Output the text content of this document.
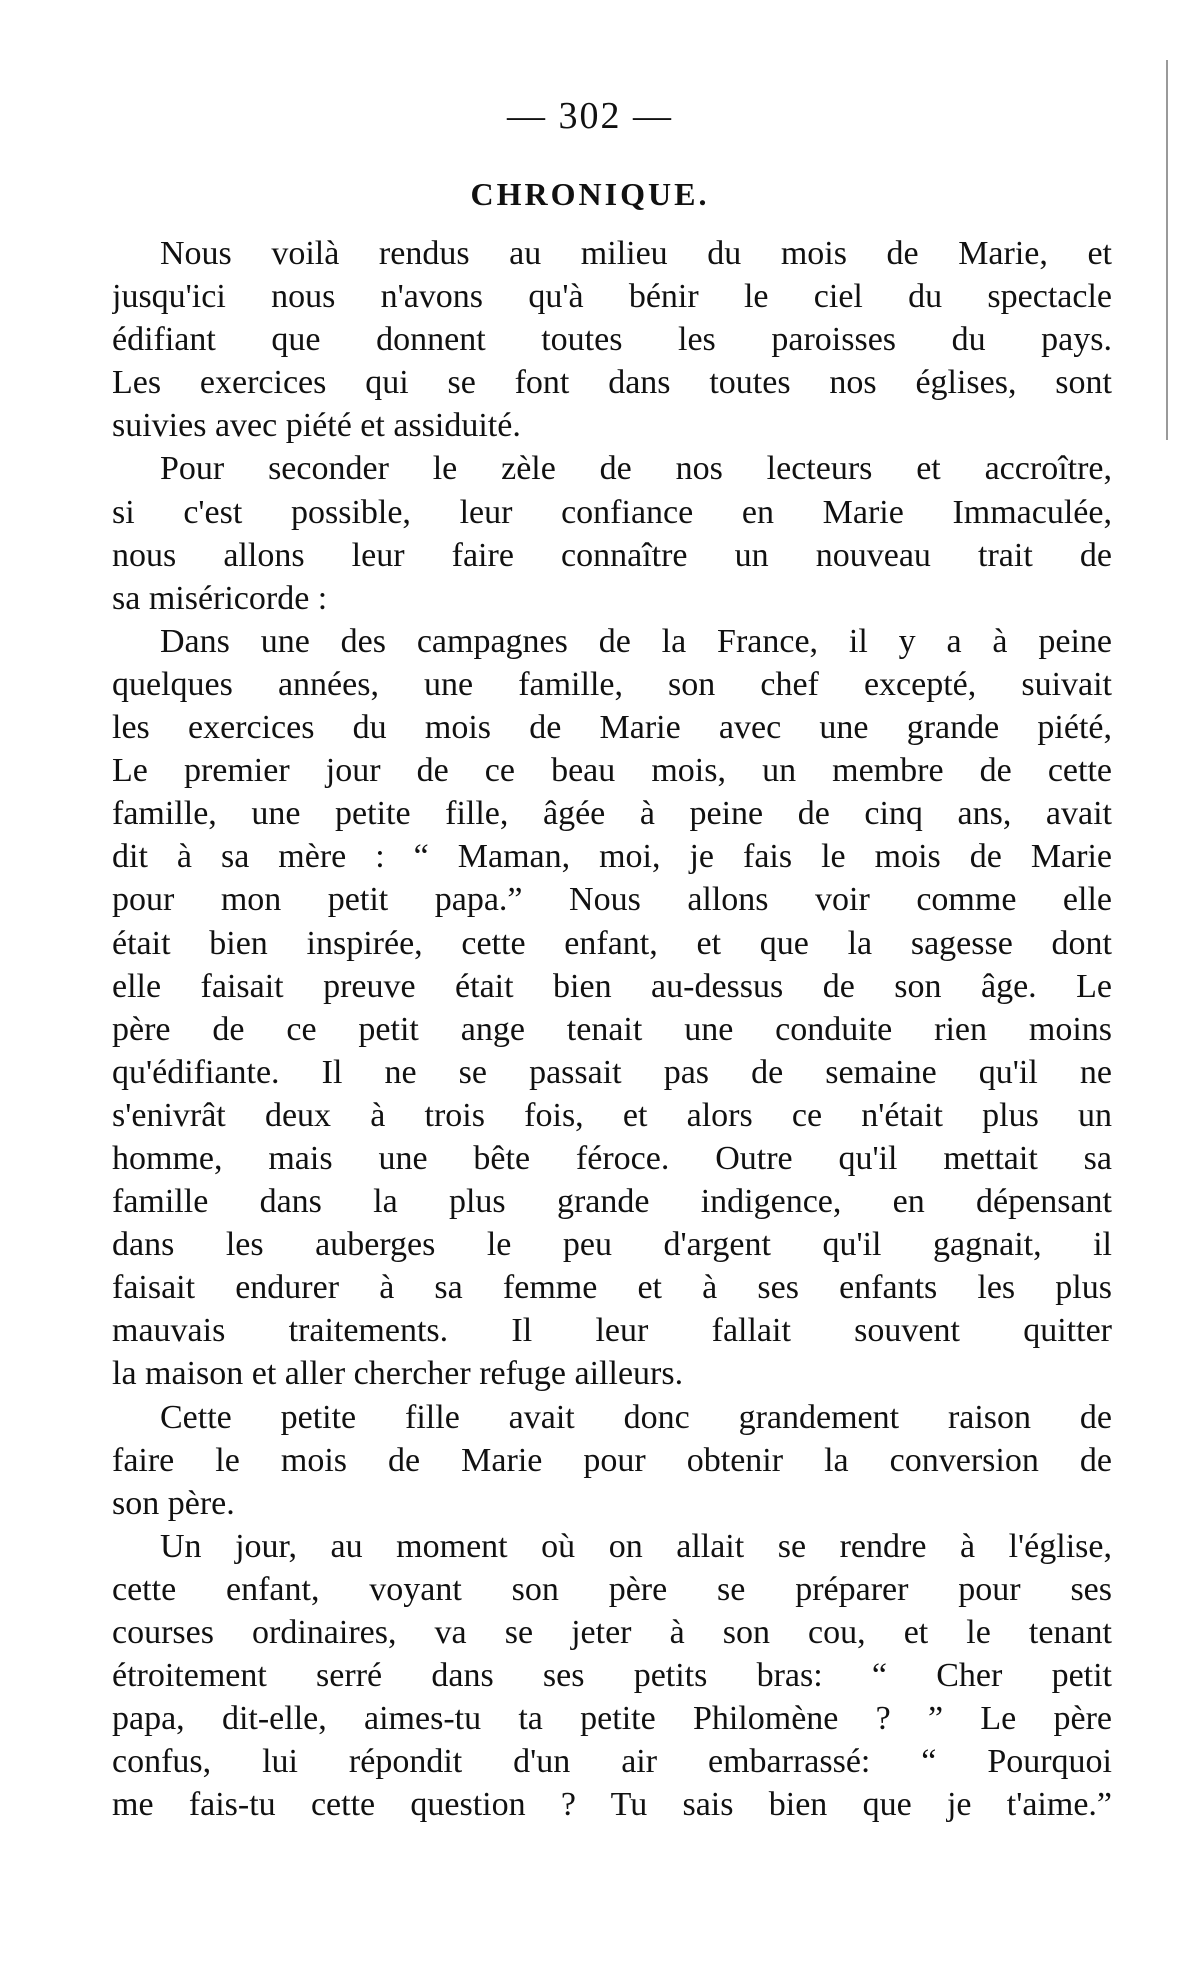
— 302 —
CHRONIQUE.
Nous voilà rendus au milieu du mois de Marie, et
jusqu'ici nous n'avons qu'à bénir le ciel du spectacle
édifiant que donnent toutes les paroisses du pays.
Les exercices qui se font dans toutes nos églises, sont
suivies avec piété et assiduité.
Pour seconder le zèle de nos lecteurs et accroître,
si c'est possible, leur confiance en Marie Immaculée,
nous allons leur faire connaître un nouveau trait de
sa miséricorde :
Dans une des campagnes de la France, il y a à peine
quelques années, une famille, son chef excepté, suivait
les exercices du mois de Marie avec une grande piété,
Le premier jour de ce beau mois, un membre de cette
famille, une petite fille, âgée à peine de cinq ans, avait
dit à sa mère : “ Maman, moi, je fais le mois de Marie
pour mon petit papa.” Nous allons voir comme elle
était bien inspirée, cette enfant, et que la sagesse dont
elle faisait preuve était bien au-dessus de son âge. Le
père de ce petit ange tenait une conduite rien moins
qu'édifiante. Il ne se passait pas de semaine qu'il ne
s'enivrât deux à trois fois, et alors ce n'était plus un
homme, mais une bête féroce. Outre qu'il mettait sa
famille dans la plus grande indigence, en dépensant
dans les auberges le peu d'argent qu'il gagnait, il
faisait endurer à sa femme et à ses enfants les plus
mauvais traitements. Il leur fallait souvent quitter
la maison et aller chercher refuge ailleurs.
Cette petite fille avait donc grandement raison de
faire le mois de Marie pour obtenir la conversion de
son père.
Un jour, au moment où on allait se rendre à l'église,
cette enfant, voyant son père se préparer pour ses
courses ordinaires, va se jeter à son cou, et le tenant
étroitement serré dans ses petits bras: “ Cher petit
papa, dit-elle, aimes-tu ta petite Philomène ? ” Le père
confus, lui répondit d'un air embarrassé: “ Pourquoi
me fais-tu cette question ? Tu sais bien que je t'aime.”
